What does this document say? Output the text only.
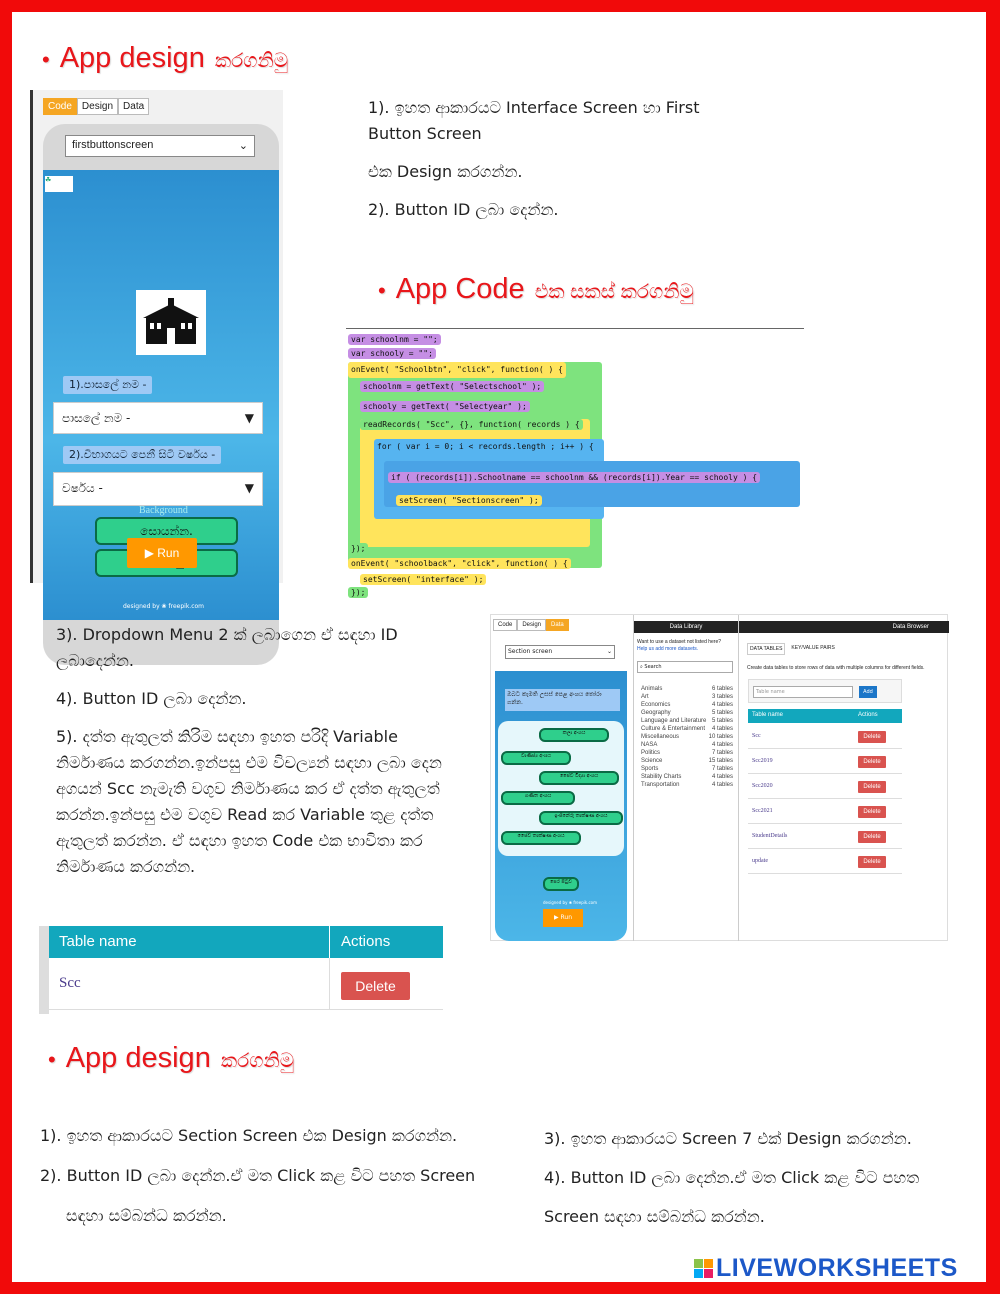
• App design කරගනිමු
Code	Design	Data
firstbuttonscreen	⌄
☘
1).පාසලේ නම -
පාසලේ නම -	▼
2).විභාගයට පෙනී සිටි වර්ෂය -
වර්ෂය -	▼
Background
සොයන්න.
designed by ❀ freepik.com
▶ Run

1). ඉහත ආකාරයට Interface Screen හා First Button Screen

එක Design කරගන්න.

2). Button ID ලබා දෙන්න.

• App Code එක සකස් කරගනිමු
var schoolnm = "";
var schooly = "";
onEvent( "Schoolbtn", "click", function( ) {
schoolnm = getText( "Selectschool" );
schooly = getText( "Selectyear" );
readRecords( "Scc", {}, function( records ) {
for ( var i = 0; i < records.length ; i++ ) {
if ( (records[i]).Schoolname == schoolnm && (records[i]).Year == schooly ) {
setScreen( "Sectionscreen" );
});
onEvent( "schoolback", "click", function( ) {
setScreen( "interface" );
});

3). Dropdown Menu 2 ක් ලබාගෙන ඒ සඳහා ID ලබාදෙන්න.

4). Button ID ලබා දෙන්න.

5). දත්ත ඇතුලත් කිරිම සඳහා ඉහත පරිදි Variable නිර්මාණය කරගන්න.ඉන්පසු එම විචල්‍යන් සඳහා ලබා දෙන අගයන් Scc නැමැති වගුව නිර්මාණය කර ඒ දත්ත ඇතුලත් කරන්න.ඉන්පසු එම වගුව Read කර Variable තුළ දත්ත ඇතුලත් කරන්න. ඒ සඳහා ඉහත Code එක භාවිතා කර නිර්මාණය කරගන්න.

Code	Design	Data
Section screen	⌄
ඔබට කැමති උසස් පෙළ අංශය තෝරා ගන්න.
කලා අංශය
වාණිජ්‍ය අංශය
ජෛව විද්‍යා අංශය
ගණිත අංශය
ඉංජිනේරු තාක්ෂණ අංශය
ජෛව තාක්ෂණ අංශය
පෙර පිටුව
designed by ❀ freepik.com
▶ Run
Data Library	Data Browser
Want to use a dataset not listed here?
Help us add more datasets.
⌕ Search
Animals	6 tables
Art	3 tables
Economics	4 tables
Geography	5 tables
Language and Literature 5 tables
Culture & Entertainment 4 tables
Miscellaneous	10 tables
NASA	4 tables
Politics	7 tables
Science	15 tables
Sports	7 tables
Stability Charts	4 tables
Transportation	4 tables
DATA TABLES	KEY/VALUE PAIRS
Create data tables to store rows of data with multiple columns for different fields.
Table name	Add
Table name	Actions
Scc	Delete
Scc2019	Delete
Scc2020	Delete
Scc2021	Delete
StudentDetails	Delete
update	Delete
Table name	Actions
Scc	Delete
• App design කරගනිමු
1). ඉහත ආකාරයට Section Screen එක Design කරගන්න.
2). Button ID ලබා දෙන්න.ඒ මත Click කළ විට පහත Screen
සඳහා සම්බන්ධ කරන්න.
3). ඉහත ආකාරයට Screen 7 එක් Design කරගන්න.
4). Button ID ලබා දෙන්න.ඒ මත Click කළ විට පහත
Screen සඳහා සම්බන්ධ කරන්න.
LIVEWORKSHEETS
